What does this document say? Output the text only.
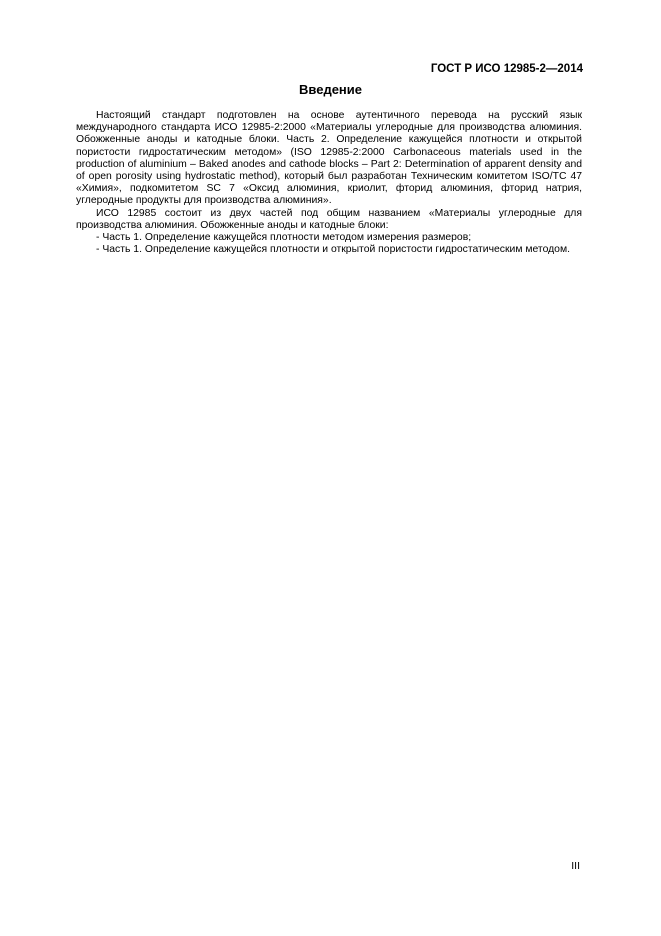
ГОСТ Р ИСО 12985-2—2014
Введение

Настоящий стандарт подготовлен на основе аутентичного перевода на русский язык международного стандарта ИСО 12985-2:2000 «Материалы углеродные для производства алюминия. Обожженные аноды и катодные блоки. Часть 2. Определение кажущейся плотности и открытой пористости гидростатическим методом» (ISO 12985-2:2000 Carbonaceous materials used in the production of aluminium – Baked anodes and cathode blocks – Part 2: Determination of apparent density and of open porosity using hydrostatic method), который был разработан Техническим комитетом ISO/TC 47 «Химия», подкомитетом SC 7 «Оксид алюминия, криолит, фторид алюминия, фторид натрия, углеродные продукты для производства алюминия».

ИСО 12985 состоит из двух частей под общим названием «Материалы углеродные для производства алюминия. Обожженные аноды и катодные блоки:

- Часть 1. Определение кажущейся плотности методом измерения размеров;

- Часть 1. Определение кажущейся плотности и открытой пористости гидростатическим методом.

III
